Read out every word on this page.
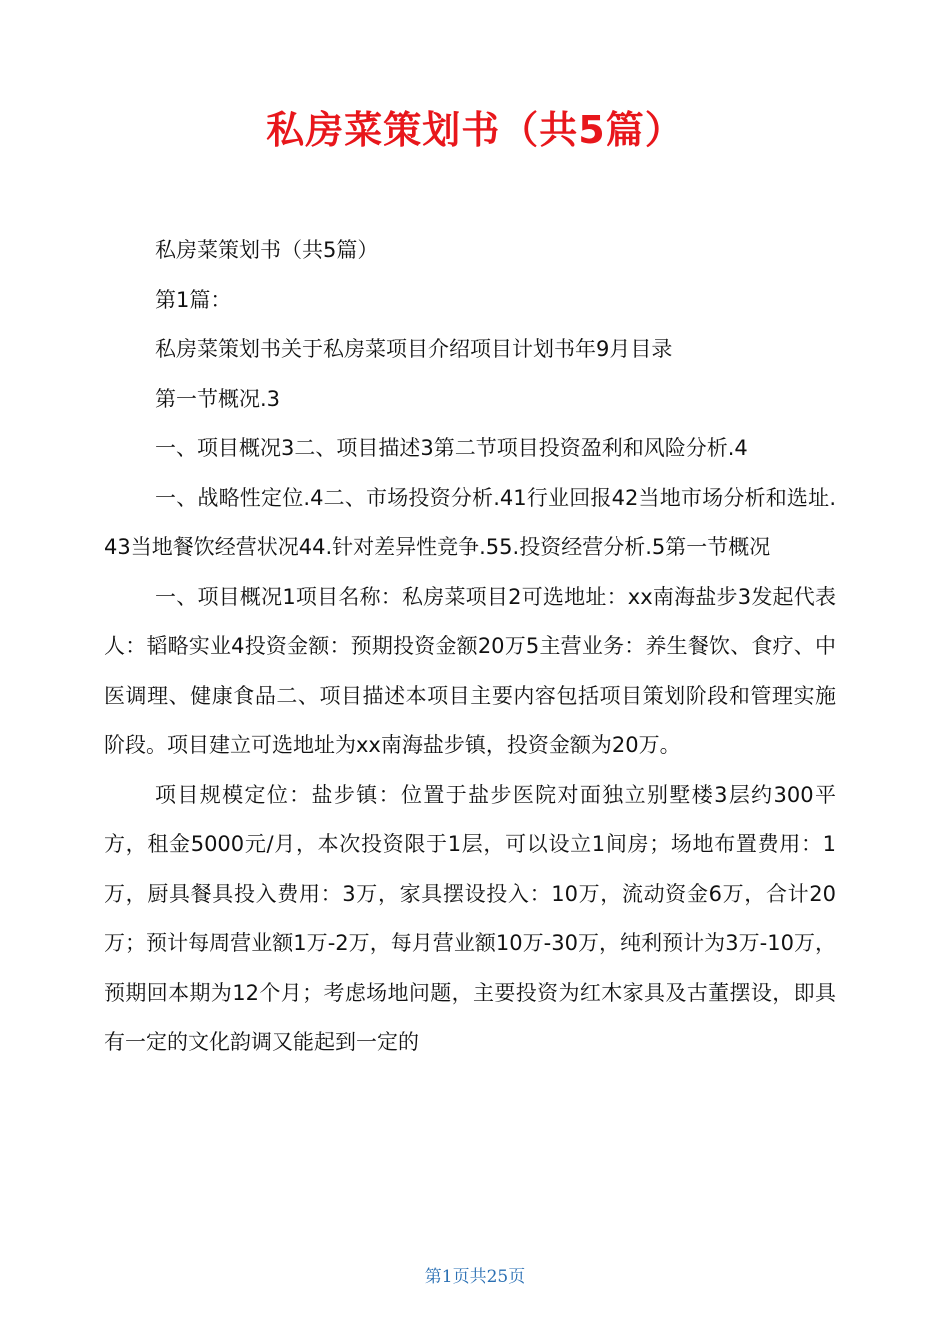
私房菜策划书（共5篇）

私房菜策划书（共5篇）

第1篇：

私房菜策划书关于私房菜项目介绍项目计划书年9月目录

第一节概况.3

一、项目概况3二、项目描述3第二节项目投资盈利和风险分析.4

一、战略性定位.4二、市场投资分析.41行业回报42当地市场分析和选址.43当地餐饮经营状况44.针对差异性竞争.55.投资经营分析.5第一节概况

一、项目概况1项目名称：私房菜项目2可选地址：xx南海盐步3发起代表人：韬略实业4投资金额：预期投资金额20万5主营业务：养生餐饮、食疗、中医调理、健康食品二、项目描述本项目主要内容包括项目策划阶段和管理实施阶段。项目建立可选地址为xx南海盐步镇，投资金额为20万。

项目规模定位：盐步镇：位置于盐步医院对面独立别墅楼3层约300平方，租金5000元/月，本次投资限于1层，可以设立1间房；场地布置费用：1万，厨具餐具投入费用：3万，家具摆设投入：10万，流动资金6万，合计20万；预计每周营业额1万-2万，每月营业额10万-30万，纯利预计为3万-10万，预期回本期为12个月；考虑场地问题，主要投资为红木家具及古董摆设，即具有一定的文化韵调又能起到一定的

第1页共25页
